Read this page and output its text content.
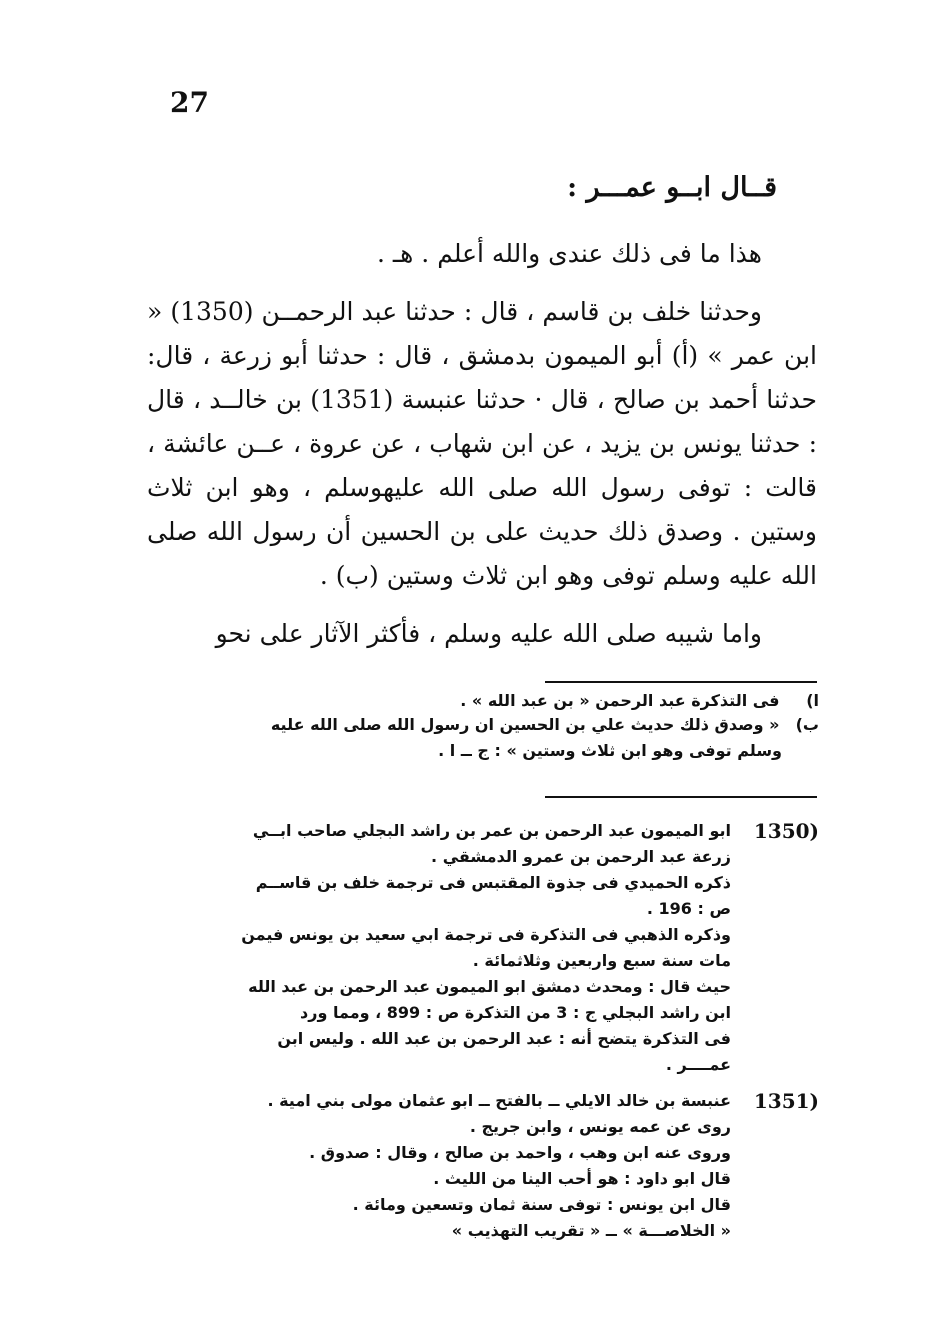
27
قــال ابــو عمـــر :

هذا ما فى ذلك عندى والله أعلم . هـ .

وحدثنا خلف بن قاسم ، قال : حدثنا عبد الرحمــن (1350) « ابن عمر » (أ) أبو الميمون بدمشق ، قال : حدثنا أبو زرعة ، قال: حدثنا أحمد بن صالح ، قال · حدثنا عنبسة (1351) بن خالــد ، قال : حدثنا يونس بن يزيد ، عن ابن شهاب ، عن عروة ، عــن عائشة ، قالت : توفى رسول الله صلى الله عليهوسلم ، وهو ابن ثلاث وستين . وصدق ذلك حديث على بن الحسين أن رسول الله صلى الله عليه وسلم توفى وهو ابن ثلاث وستين (ب) .

واما شيبه صلى الله عليه وسلم ، فأكثر الآثار على نحو

ا) فى التذكرة عبد الرحمن « بن عبد الله » .
ب) « وصدق ذلك حديث علي بن الحسين ان رسول الله صلى الله عليه
وسلم توفى وهو ابن ثلاث وستين » : ج ــ ا .
1350)
ابو الميمون عبد الرحمن بن عمر بن راشد البجلي صاحب ابــي
زرعة عبد الرحمن بن عمرو الدمشقي .
ذكره الحميدي فى جذوة المقتبس فى ترجمة خلف بن قاســم
ص : 196 .
وذكره الذهبي فى التذكرة فى ترجمة ابي سعيد بن يونس فيمن
مات سنة سبع واربعين وثلاثمائة .
حيث قال : ومحدث دمشق ابو الميمون عبد الرحمن بن عبد الله
ابن راشد البجلي ج : 3 من التذكرة ص : 899 ، ومما ورد
فى التذكرة يتضح أنه : عبد الرحمن بن عبد الله . وليس ابن
عمــــر .
1351)
عنبسة بن خالد الايلي ــ بالفتح ــ ابو عثمان مولى بني امية .
روى عن عمه يونس ، وابن جريج .
وروى عنه ابن وهب ، واحمد بن صالح ، وقال : صدوق .
قال ابو داود : هو أحب الينا من الليث .
قال ابن يونس : توفى سنة ثمان وتسعين ومائة .
« الخلاصـــة » ــ « تقريب التهذيب »
